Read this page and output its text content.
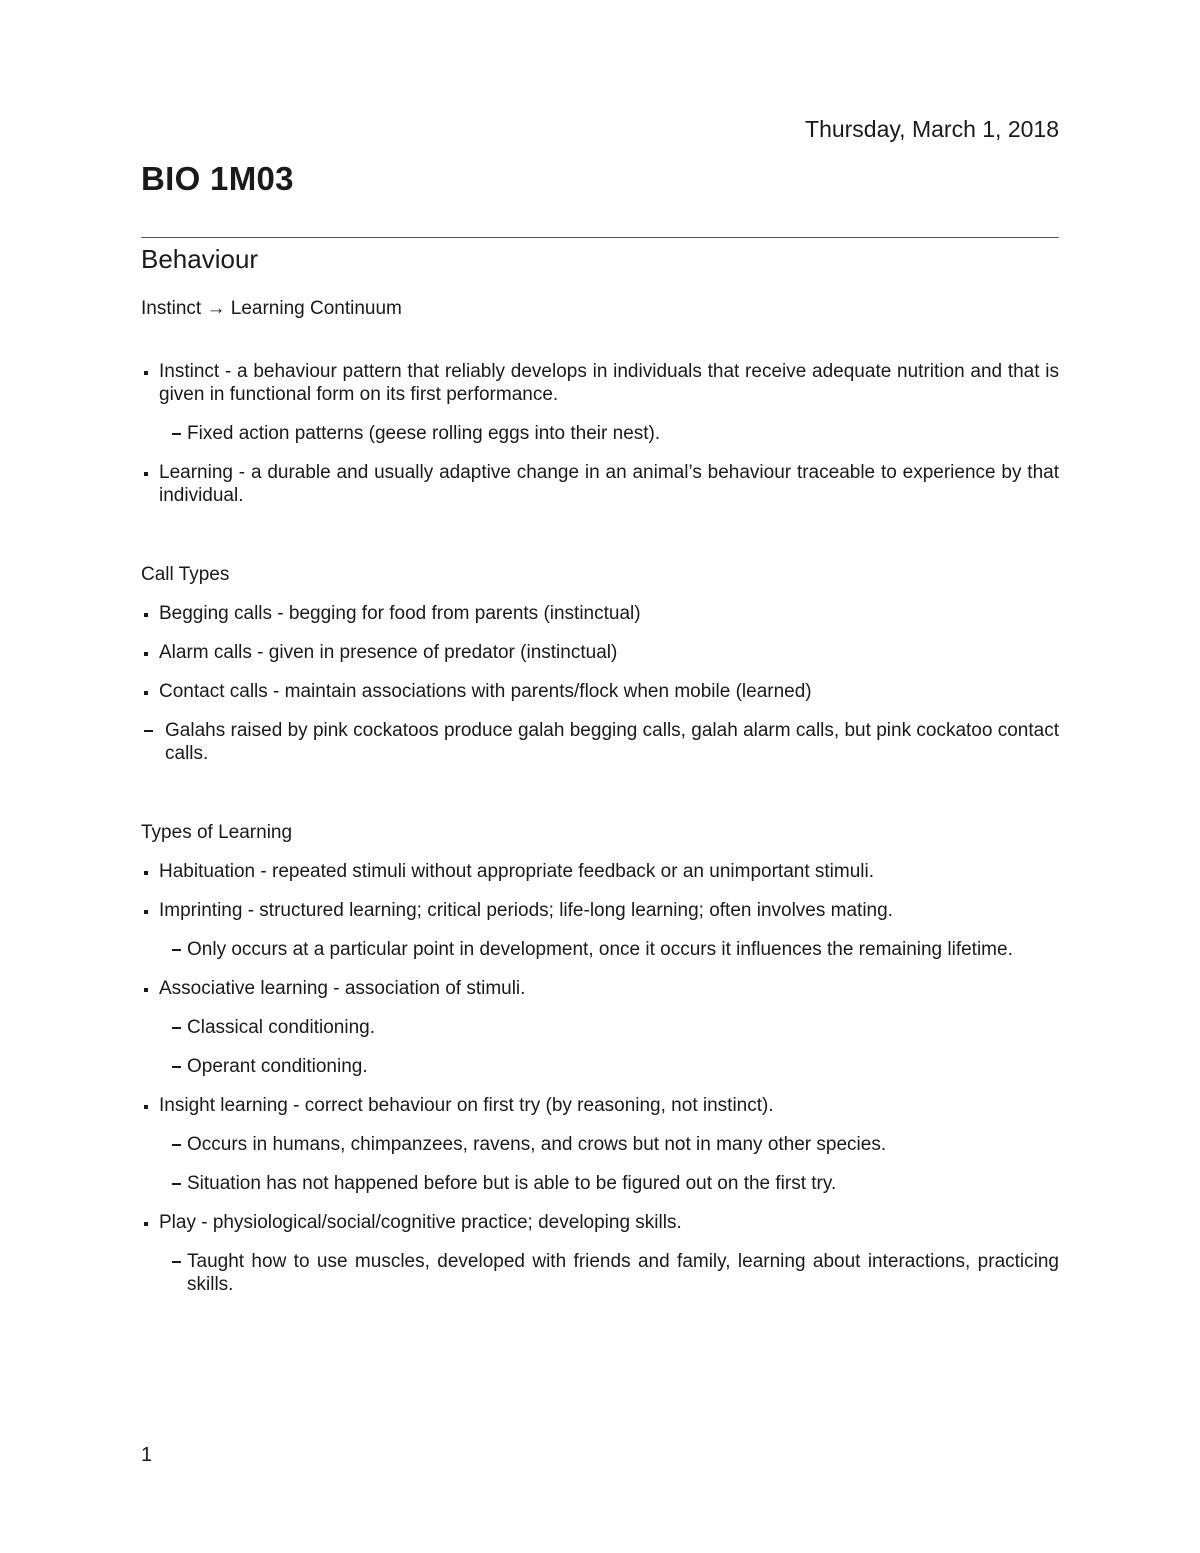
Thursday, March 1, 2018
BIO 1M03
Behaviour

Instinct → Learning Continuum

Instinct - a behaviour pattern that reliably develops in individuals that receive adequate nutrition and that is given in functional form on its first performance.
Fixed action patterns (geese rolling eggs into their nest).
Learning - a durable and usually adaptive change in an animal’s behaviour traceable to experience by that individual.

Call Types

Begging calls - begging for food from parents (instinctual)
Alarm calls - given in presence of predator (instinctual)
Contact calls - maintain associations with parents/flock when mobile (learned)
Galahs raised by pink cockatoos produce galah begging calls, galah alarm calls, but pink cockatoo contact calls.

Types of Learning

Habituation - repeated stimuli without appropriate feedback or an unimportant stimuli.
Imprinting - structured learning; critical periods; life-long learning; often involves mating.
Only occurs at a particular point in development, once it occurs it influences the remaining lifetime.
Associative learning - association of stimuli.
Classical conditioning.
Operant conditioning.
Insight learning - correct behaviour on first try (by reasoning, not instinct).
Occurs in humans, chimpanzees, ravens, and crows but not in many other species.
Situation has not happened before but is able to be figured out on the first try.
Play - physiological/social/cognitive practice; developing skills.
Taught how to use muscles, developed with friends and family, learning about interactions, practicing skills.
1
